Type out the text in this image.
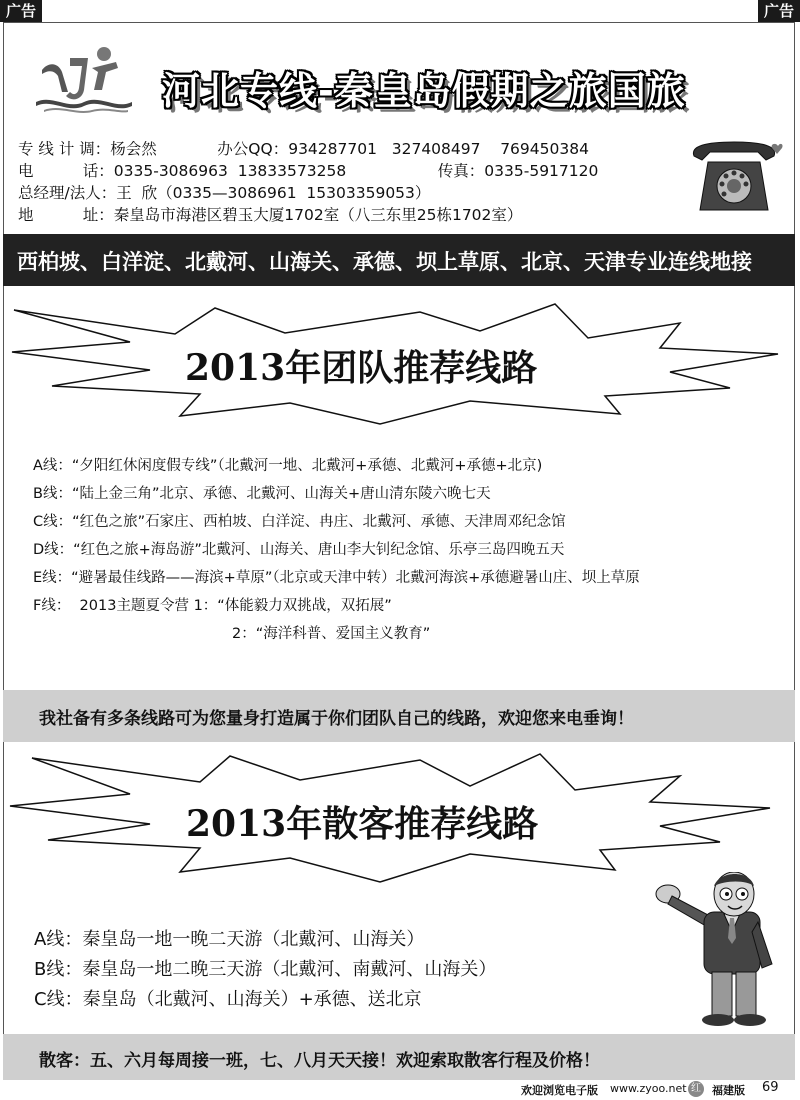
广告	广告
河北专线-秦皇岛假期之旅国旅
专 线 计 调：杨会然	办公QQ：934287701   327408497    769450384
电          话：0335-3086963  13833573258	传真：0335-5917120
总经理/法人：王  欣（0335—3086961  15303359053）
地          址：秦皇岛市海港区碧玉大厦1702室（八三东里25栋1702室）
西柏坡、白洋淀、北戴河、山海关、承德、坝上草原、北京、天津专业连线地接
2013年团队推荐线路
A线：“夕阳红休闲度假专线”（北戴河一地、北戴河+承德、北戴河+承德+北京)
B线：“陆上金三角”北京、承德、北戴河、山海关+唐山清东陵六晚七天
C线：“红色之旅”石家庄、西柏坡、白洋淀、冉庄、北戴河、承德、天津周邓纪念馆
D线：“红色之旅+海岛游”北戴河、山海关、唐山李大钊纪念馆、乐亭三岛四晚五天
E线：“避暑最佳线路——海滨+草原”（北京或天津中转）北戴河海滨+承德避暑山庄、坝上草原
F线：  2013主题夏令营 1：“体能毅力双挑战，双拓展”
2：“海洋科普、爱国主义教育”
我社备有多条线路可为您量身打造属于你们团队自己的线路，欢迎您来电垂询！
2013年散客推荐线路
A线：秦皇岛一地一晚二天游（北戴河、山海关）
B线：秦皇岛一地二晚三天游（北戴河、南戴河、山海关）
C线：秦皇岛（北戴河、山海关）+承德、送北京
散客：五、六月每周接一班，七、八月天天接！欢迎索取散客行程及价格！
欢迎浏览电子版 www.zyoo.net 红 福建版 69
